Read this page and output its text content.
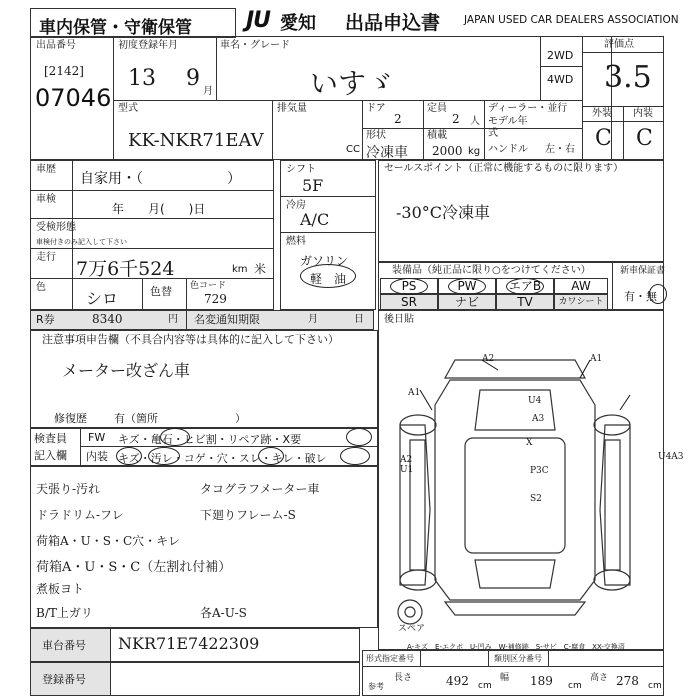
車内保管・守衛保管 JU 愛知 出品申込書 JAPAN USED CAR DEALERS ASSOCIATION
出品番号
[2142]
07046
初度登録年月
13 9
月
車名・グレード
いすゞ
2WD
4WD
評価点
3.5
外装 内装
C C
型式
KK-NKR71EAV
排気量
CC
ドア
2
定員
2 人
ディーラー・並行
形状
冷凍車
積載
2000 kg
モデル年式
ハンドル 左・右
車歴
自家用・（　　　　　　）
車検
年　　月(　　)日
受検形態
車検付きのみ記入して下さい
走行
7万6千524	km 米
色
シロ	色替 色コード
729
R券	8340	円 名変通知期限	月	日
シフト
5F
冷房
A/C
燃料
ガソリン
軽　油
セールスポイント（正常に機能するものに限ります）
-30°C冷凍車
装備品（純正品に限り○をつけてください）
PS	PW	エアB	AW
SR	ナビ	TV	カワシート
新車保証書
有・無
注意事項申告欄（不具合内容等は具体的に記入して下さい）
メーター改ざん車
修復歴 有（箇所　　　　　　　）
後日貼
検査員
記入欄
FW キズ・亀石・ヒビ割・リペア跡・X要
内装 キズ・汚レ・コゲ・穴・スレ・キレ・破レ
天張り-汚れ
ドラドリム-フレ
荷箱A・U・S・C穴・キレ
荷箱A・U・S・C（左割れ付補）
煮板ヨト
B/T上ガリ
タコグラフメーター車
下廻りフレーム-S
各A-U-S
A2	A1
U4
A3
X
A1
A2
U1
U4A3
P3C
S2
スペア
A-キズ　E-エクボ　U-凹み　W-補修跡　S-サビ　C-腐食　XX-交換済
車台番号 NKR71E7422309
登録番号
形式指定番号	類別区分番号
参考
長さ	492 cm
幅 189 cm
高さ 278 cm
